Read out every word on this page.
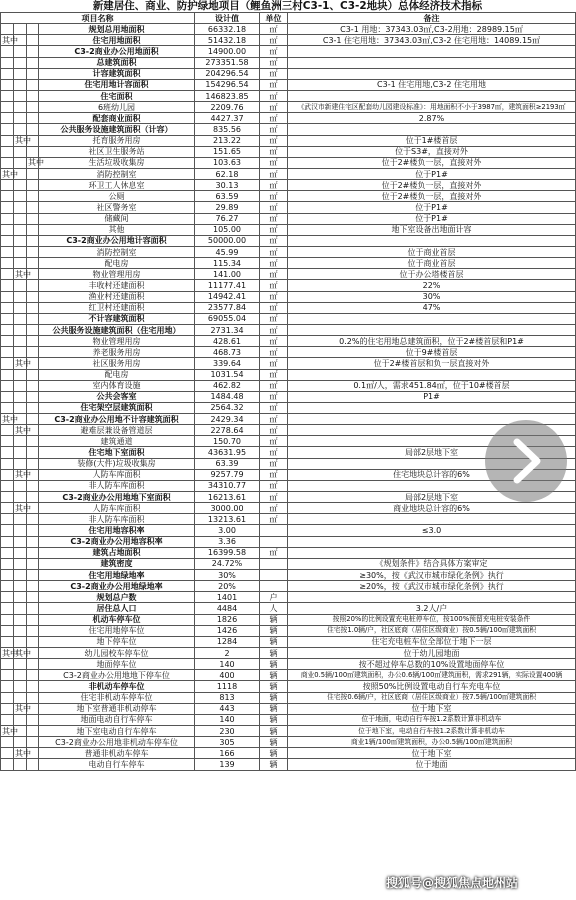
新建居住、商业、防护绿地项目（鲤鱼洲三村C3-1、C3-2地块）总体经济技术指标
项目名称				设计值	单位	备注
			规划总用地面积	66332.18	㎡	C3-1 用地：37343.03㎡,C3-2用地：28989.15㎡
其中			住宅用地面积	51432.18	㎡	C3-1 住宅用地：37343.03㎡,C3-2 住宅用地：14089.15㎡
			C3-2商业办公用地面积	14900.00	㎡	
			总建筑面积	273351.58	㎡	
			计容建筑面积	204296.54	㎡	
			住宅用地计容面积	154296.54	㎡	C3-1 住宅用地,C3-2 住宅用地
			住宅面积	146823.85	㎡	
			6班幼儿园	2209.76	㎡	《武汉市新建住宅区配套幼儿园建设标准》：用地面积不小于3987㎡，建筑面积≥2193㎡
			配套商业面积	4427.37	㎡	2.87%
			公共服务设施建筑面积（计容）	835.56	㎡	
	其中		托育服务用房	213.22	㎡	位于1#楼首层
			社区卫生服务站	151.65	㎡	位于S3#，直接对外
		其中	生活垃圾收集房	103.63	㎡	位于2#楼负一层，直接对外
其中			消防控制室	62.18	㎡	位于P1#
			环卫工人休息室	30.13	㎡	位于2#楼负一层，直接对外
			公厕	63.59	㎡	位于2#楼负一层，直接对外
			社区警务室	29.89	㎡	位于P1#
			储藏间	76.27	㎡	位于P1#
			其他	105.00	㎡	地下室设备出地面计容
			C3-2商业办公用地计容面积	50000.00	㎡	
			消防控制室	45.99	㎡	位于商业首层
			配电房	115.34	㎡	位于商业首层
	其中		物业管理用房	141.00	㎡	位于办公塔楼首层
			丰收村还建面积	11177.41	㎡	22%
			渔业村还建面积	14942.41	㎡	30%
			红卫村还建面积	23577.84	㎡	47%
			不计容建筑面积	69055.04	㎡	
			公共服务设施建筑面积（住宅用地）	2731.34	㎡	
			物业管理用房	428.61	㎡	0.2%的住宅用地总建筑面积，位于2#楼首层和P1#
			养老服务用房	468.73	㎡	位于9#楼首层
	其中		社区服务用房	339.64	㎡	位于2#楼首层和负一层直接对外
			配电房	1031.54	㎡	
			室内体育设施	462.82	㎡	0.1㎡/人，需求451.84㎡，位于10#楼首层
			公共会客室	1484.48	㎡	P1#
			住宅架空层建筑面积	2564.32	㎡	
其中			C3-2商业办公用地不计容建筑面积	2429.34	㎡	
	其中		避难层兼设备管道层	2278.64	㎡	
			建筑通道	150.70	㎡	
			住宅地下室面积	43631.95	㎡	局部2层地下室
			装修(大件)垃圾收集房	63.39	㎡	
	其中		人防车库面积	9257.79	㎡	住宅地块总计容的6%
			非人防车库面积	34310.77	㎡	
			C3-2商业办公用地地下室面积	16213.61	㎡	局部2层地下室
	其中		人防车库面积	3000.00	㎡	商业地块总计容的6%
			非人防车库面积	13213.61	㎡	
			住宅用地容积率	3.00		≤3.0
			C3-2商业办公用地容积率	3.36		
			建筑占地面积	16399.58	㎡	
			建筑密度	24.72%		《规划条件》结合具体方案审定
			住宅用地绿地率	30%		≥30%，按《武汉市城市绿化条例》执行
			C3-2商业办公用地绿地率	20%		≥20%，按《武汉市城市绿化条例》执行
			规划总户数	1401	户	
			居住总人口	4484	人	3.2人/户
			机动车停车位	1826	辆	按照20%的比例设置充电桩停车位，按100%预留充电桩安装条件
			住宅用地停车位	1426	辆	住宅按1.0辆/户，社区底商（居住区级商业）按0.5辆/100㎡建筑面积
			地下停车位	1284	辆	住宅充电桩车位全部位于地下一层
其中	其中		幼儿园校车停车位	2	辆	位于幼儿园地面
			地面停车位	140	辆	按不超过停车总数的10%设置地面停车位
			C3-2商业办公用地地下停车位	400	辆	商业0.5辆/100㎡建筑面积，办公0.6辆/100㎡建筑面积，需求291辆，实际设置400辆
			非机动车停车位	1118	辆	按照50%比例设置电动自行车充电车位
			住宅非机动车停车位	813	辆	住宅按0.6辆/户，社区底商（居住区级商业）按7.5辆/100㎡建筑面积
	其中		地下室普通非机动停车	443	辆	位于地下室
			地面电动自行车停车	140	辆	位于地面，电动自行车按1.2系数计算非机动车
其中			地下室电动自行车停车	230	辆	位于地下室，电动自行车按1.2系数计算非机动车
			C3-2商业办公用地非机动车停车位	305	辆	商业1辆/100㎡建筑面积，办公0.5辆/100㎡建筑面积
	其中		普通非机动车停车	166	辆	位于地下室
			电动自行车停车	139	辆	位于地面
搜狐号@搜狐焦点地州站
